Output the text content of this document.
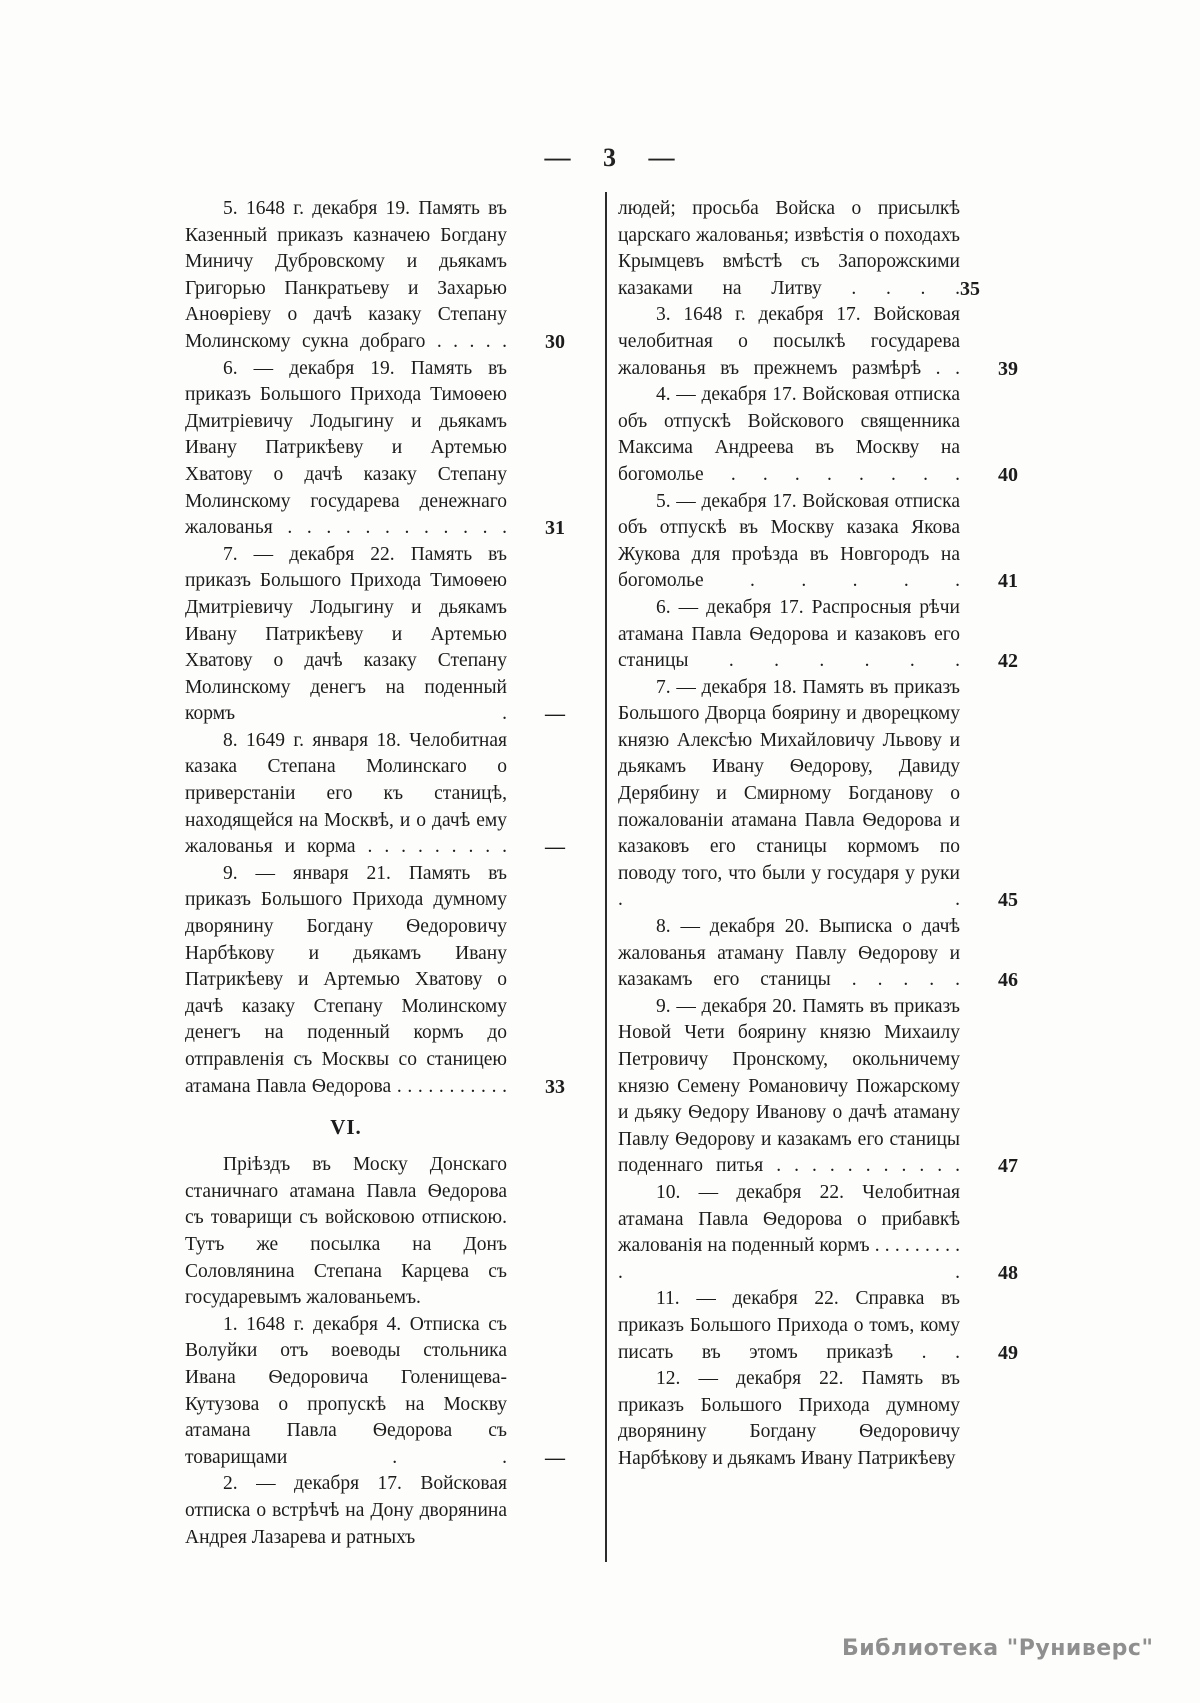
— 3 —

5. 1648 г. декабря 19. Память въ Казенный приказъ казначею Богдану Миничу Дубровскому и дьякамъ Григорью Панкратьеву и Захарью Аноѳріеву о дачѣ казаку Степану Молинскому сукна добраго . . . . .	30

6. — декабря 19. Память въ приказъ Большого Прихода Тимоѳею Дмитріевичу Лодыгину и дьякамъ Ивану Патрикѣеву и Артемью Хватову о дачѣ казаку Степану Молинскому государева денежнаго жалованья . . . . . . . . . . . .	31

7. — декабря 22. Память въ приказъ Большого Прихода Тимоѳею Дмитріевичу Лодыгину и дьякамъ Ивану Патрикѣеву и Артемью Хватову о дачѣ казаку Степану Молинскому денегъ на поденный кормъ .	—

8. 1649 г. января 18. Челобитная казака Степана Молинскаго о приверстаніи его къ станицѣ, находящейся на Москвѣ, и о дачѣ ему жалованья и корма . . . . . . . . .	—

9. — января 21. Память въ приказъ Большого Прихода думному дворянину Богдану Ѳедоровичу Нарбѣкову и дьякамъ Ивану Патрикѣеву и Артемью Хватову о дачѣ казаку Степану Молинскому денегъ на поденный кормъ до отправленія съ Москвы со станицею атамана Павла Ѳедорова . . . . . . . . . . .	33

VI.

Пріѣздъ въ Моску Донскаго станичнаго атамана Павла Ѳедорова съ товарищи съ войсковою отпискою. Тутъ же посылка на Донъ Соловлянина Степана Карцева съ государевымъ жалованьемъ.

1. 1648 г. декабря 4. Отписка съ Волуйки отъ воеводы стольника Ивана Ѳедоровича Голенищева-Кутузова о пропускѣ на Москву атамана Павла Ѳедорова съ товарищами . .	—

2. — декабря 17. Войсковая отписка о встрѣчѣ на Дону дворянина Андрея Лазарева и ратныхъ

людей; просьба Войска о присылкѣ царскаго жалованья; извѣстія о походахъ Крымцевъ вмѣстѣ съ Запорожскими казаками на Литву . . . . 35

3. 1648 г. декабря 17. Войсковая челобитная о посылкѣ государева жалованья въ прежнемъ размѣрѣ . .	39

4. — декабря 17. Войсковая отписка объ отпускѣ Войскового священника Максима Андреева въ Москву на богомолье . . . . . . . .	40

5. — декабря 17. Войсковая отписка объ отпускѣ въ Москву казака Якова Жукова для проѣзда въ Новгородъ на богомолье . . . . .	41

6. — декабря 17. Распросныя рѣчи атамана Павла Ѳедорова и казаковъ его станицы . . . . . .	42

7. — декабря 18. Память въ приказъ Большого Дворца боярину и дворецкому князю Алексѣю Михайловичу Львову и дьякамъ Ивану Ѳедорову, Давиду Дерябину и Смирному Богданову о пожалованіи атамана Павла Ѳедорова и казаковъ его станицы кормомъ по поводу того, что были у государя у руки . .	45

8. — декабря 20. Выписка о дачѣ жалованья атаману Павлу Ѳедорову и казакамъ его станицы . . . . .	46

9. — декабря 20. Память въ приказъ Новой Чети боярину князю Михаилу Петровичу Пронскому, окольничему князю Семену Романовичу Пожарскому и дьяку Ѳедору Иванову о дачѣ атаману Павлу Ѳедорову и казакамъ его станицы поденнаго питья . . . . . . . . . . .	47

10. — декабря 22. Челобитная атамана Павла Ѳедорова о прибавкѣ жалованія на поденный кормъ . . . . . . . . . . .	48

11. — декабря 22. Справка въ приказъ Большого Прихода о томъ, кому писать въ этомъ приказѣ . .	49

12. — декабря 22. Память въ приказъ Большого Прихода думному дворянину Богдану Ѳедоровичу Нарбѣкову и дьякамъ Ивану Патрикѣеву

Библиотека "Руниверс"
